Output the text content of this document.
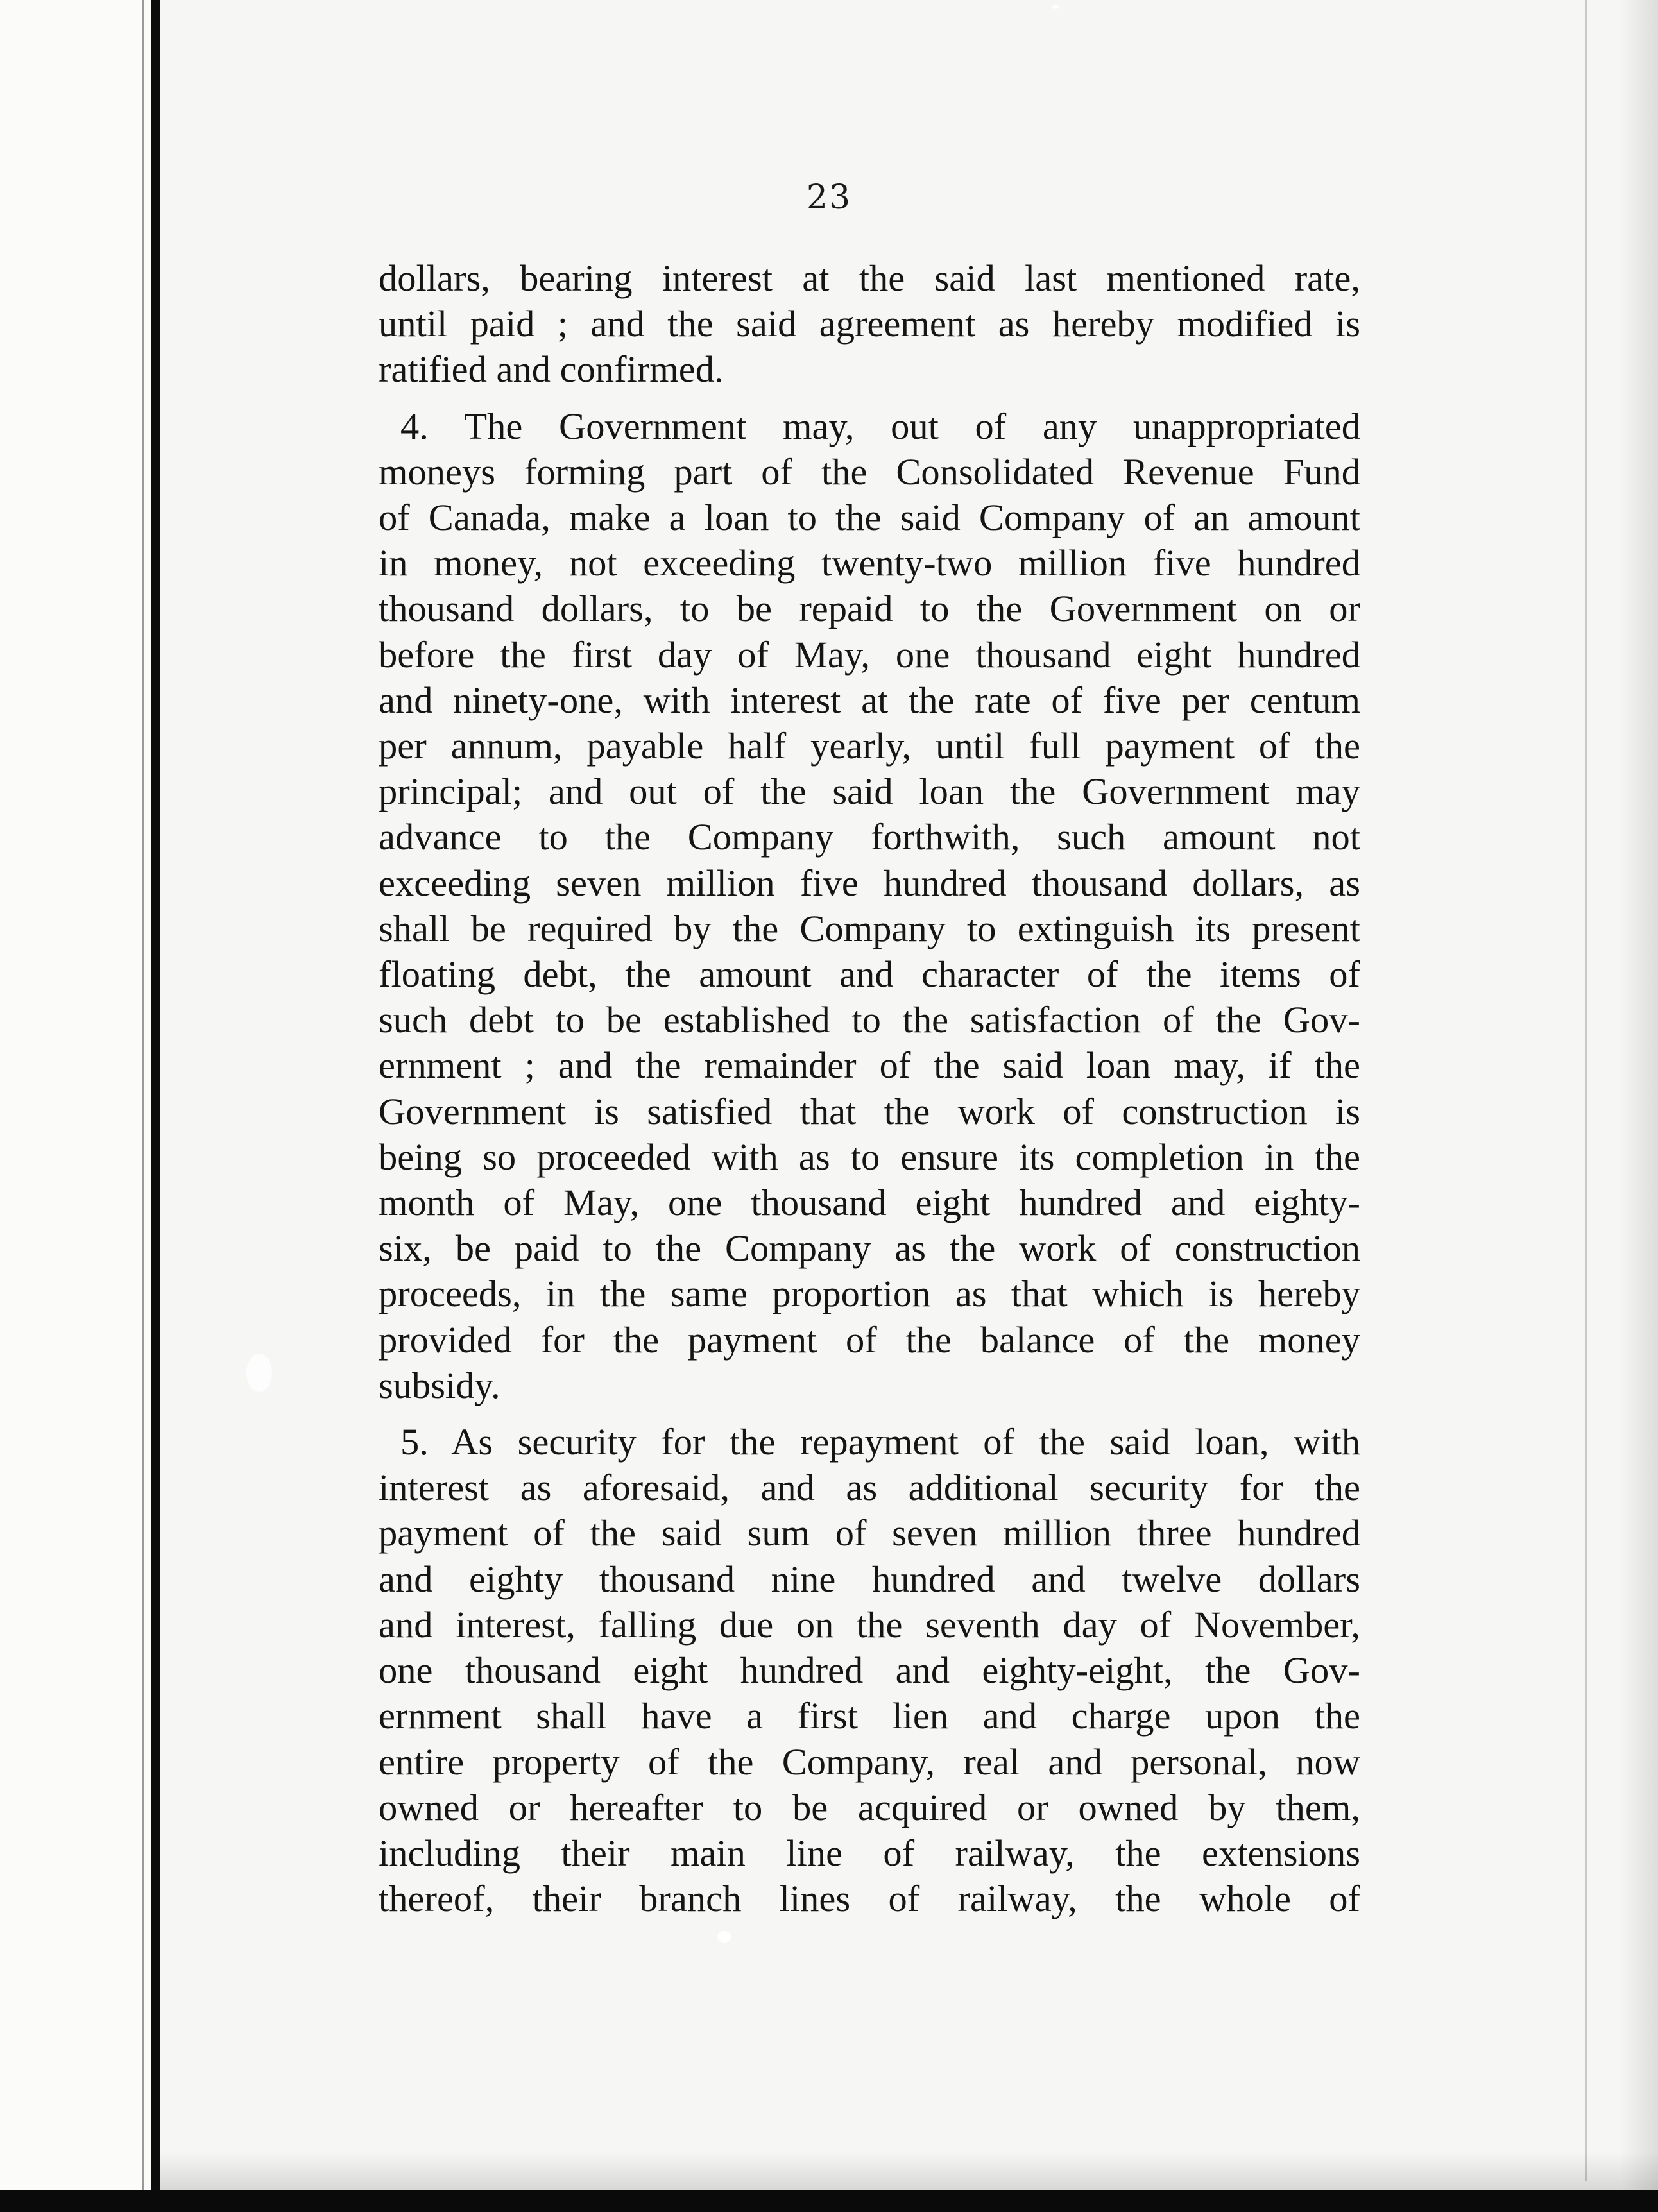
23
dollars, bearing interest at the said last mentioned rate,
until paid ; and the said agreement as hereby modified is
ratified and confirmed.
4. The Government may, out of any unappropriated
moneys forming part of the Consolidated Revenue Fund
of Canada, make a loan to the said Company of an amount
in money, not exceeding twenty-two million five hundred
thousand dollars, to be repaid to the Government on or
before the first day of May, one thousand eight hundred
and ninety-one, with interest at the rate of five per centum
per annum, payable half yearly, until full payment of the
principal; and out of the said loan the Government may
advance to the Company forthwith, such amount not
exceeding seven million five hundred thousand dollars, as
shall be required by the Company to extinguish its present
floating debt, the amount and character of the items of
such debt to be established to the satisfaction of the Gov-
ernment ; and the remainder of the said loan may, if the
Government is satisfied that the work of construction is
being so proceeded with as to ensure its completion in the
month of May, one thousand eight hundred and eighty-
six, be paid to the Company as the work of construction
proceeds, in the same proportion as that which is hereby
provided for the payment of the balance of the money
subsidy.
5. As security for the repayment of the said loan, with
interest as aforesaid, and as additional security for the
payment of the said sum of seven million three hundred
and eighty thousand nine hundred and twelve dollars
and interest, falling due on the seventh day of November,
one thousand eight hundred and eighty-eight, the Gov-
ernment shall have a first lien and charge upon the
entire property of the Company, real and personal, now
owned or hereafter to be acquired or owned by them,
including their main line of railway, the extensions
thereof, their branch lines of railway, the whole of
